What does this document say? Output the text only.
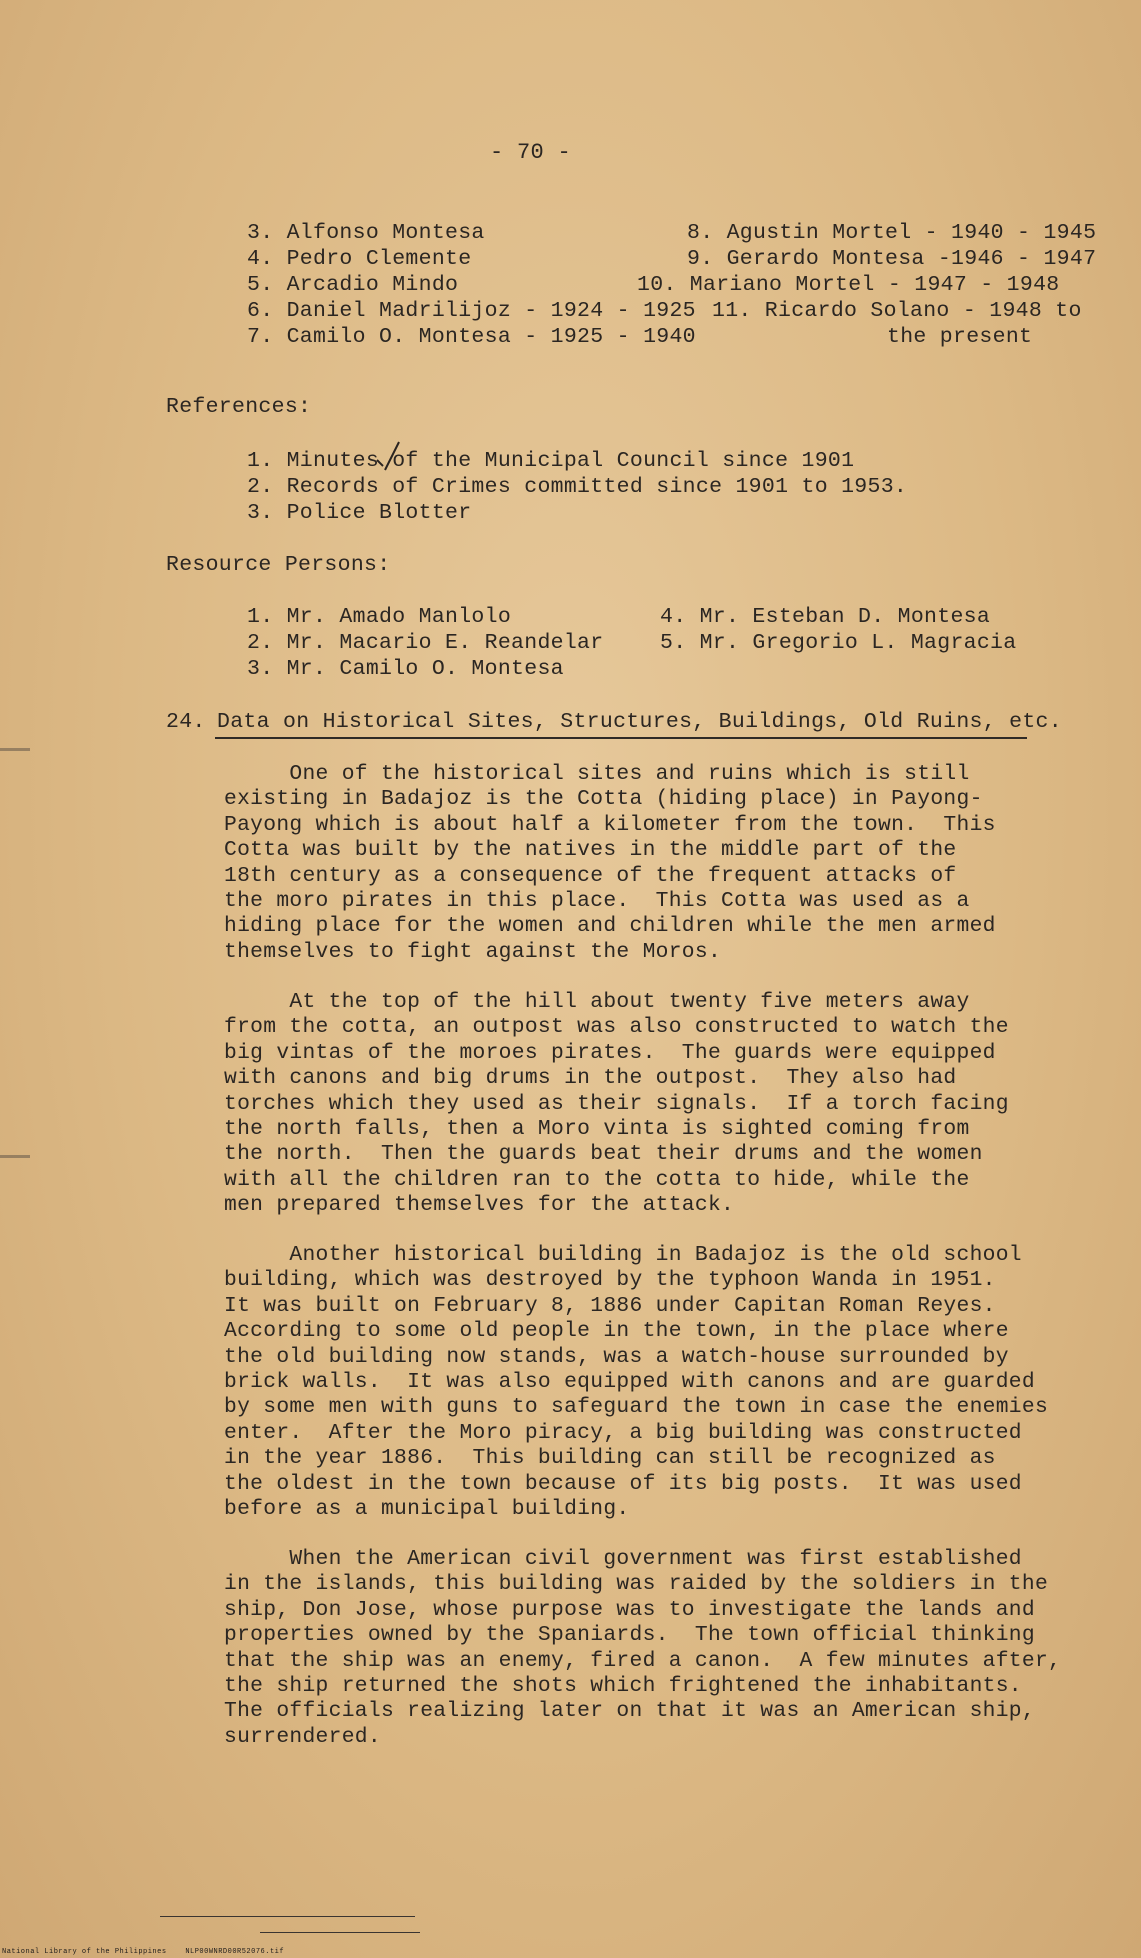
- 70 -
3. Alfonso Montesa
4. Pedro Clemente
5. Arcadio Mindo
6. Daniel Madrilijoz - 1924 - 1925
7. Camilo O. Montesa - 1925 - 1940
8. Agustin Mortel - 1940 - 1945
9. Gerardo Montesa -1946 - 1947
10. Mariano Mortel - 1947 - 1948
11. Ricardo Solano - 1948 to
the present
References:
1. Minutes of the Municipal Council since 1901
2. Records of Crimes committed since 1901 to 1953.
3. Police Blotter
Resource Persons:
1. Mr. Amado Manlolo
2. Mr. Macario E. Reandelar
3. Mr. Camilo O. Montesa
4. Mr. Esteban D. Montesa
5. Mr. Gregorio L. Magracia
24. Data on Historical Sites, Structures, Buildings, Old Ruins, etc.
One of the historical sites and ruins which is still
existing in Badajoz is the Cotta (hiding place) in Payong-
Payong which is about half a kilometer from the town.  This
Cotta was built by the natives in the middle part of the
18th century as a consequence of the frequent attacks of
the moro pirates in this place.  This Cotta was used as a
hiding place for the women and children while the men armed
themselves to fight against the Moros.
At the top of the hill about twenty five meters away
from the cotta, an outpost was also constructed to watch the
big vintas of the moroes pirates.  The guards were equipped
with canons and big drums in the outpost.  They also had
torches which they used as their signals.  If a torch facing
the north falls, then a Moro vinta is sighted coming from
the north.  Then the guards beat their drums and the women
with all the children ran to the cotta to hide, while the
men prepared themselves for the attack.
Another historical building in Badajoz is the old school
building, which was destroyed by the typhoon Wanda in 1951.
It was built on February 8, 1886 under Capitan Roman Reyes.
According to some old people in the town, in the place where
the old building now stands, was a watch-house surrounded by
brick walls.  It was also equipped with canons and are guarded
by some men with guns to safeguard the town in case the enemies
enter.  After the Moro piracy, a big building was constructed
in the year 1886.  This building can still be recognized as
the oldest in the town because of its big posts.  It was used
before as a municipal building.
When the American civil government was first established
in the islands, this building was raided by the soldiers in the
ship, Don Jose, whose purpose was to investigate the lands and
properties owned by the Spaniards.  The town official thinking
that the ship was an enemy, fired a canon.  A few minutes after,
the ship returned the shots which frightened the inhabitants.
The officials realizing later on that it was an American ship,
surrendered.
National Library of the Philippines    NLP00WNRD00R52076.tif
